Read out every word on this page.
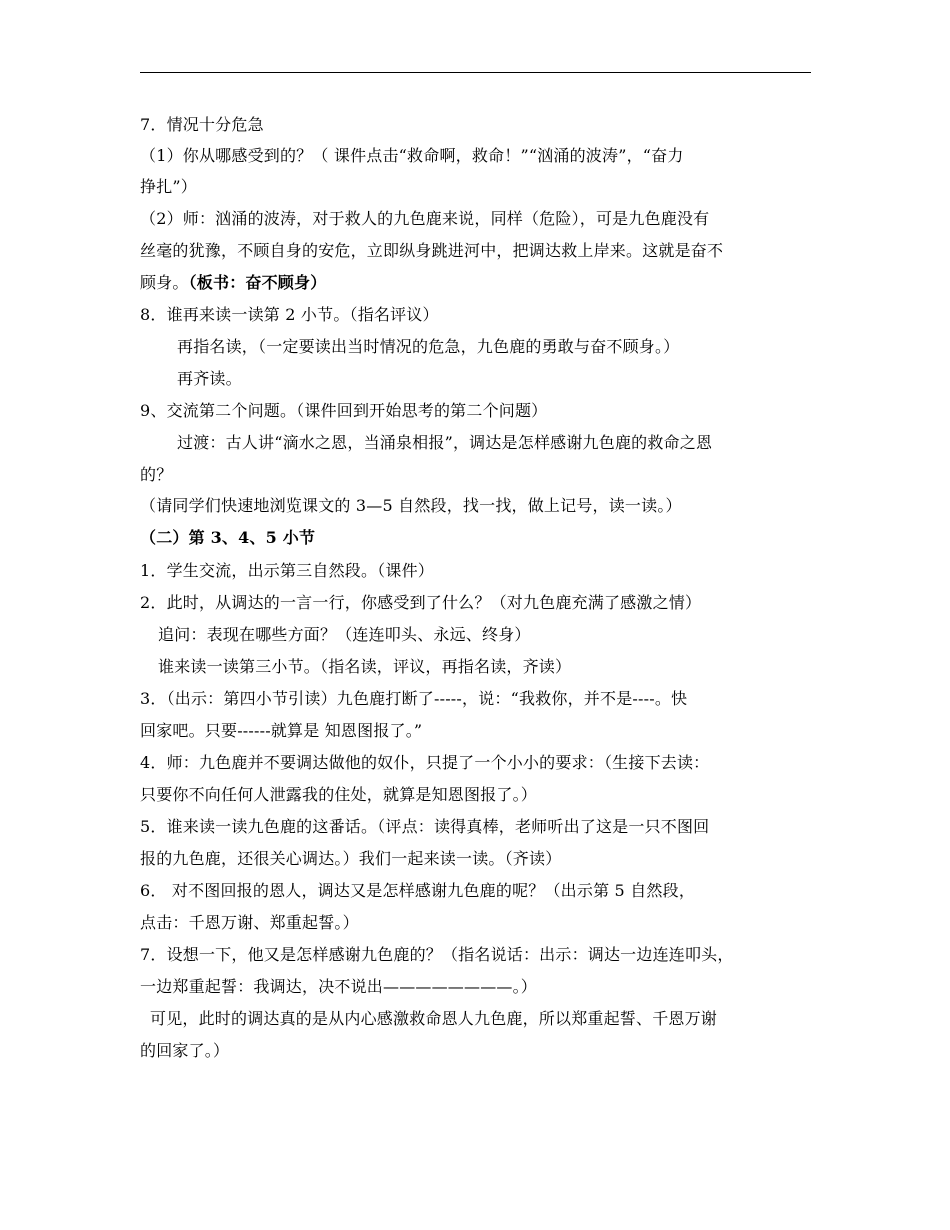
7．情况十分危急
（1）你从哪感受到的？（ 课件点击“救命啊，救命！”“汹涌的波涛”，“奋力
挣扎”）
（2）师：汹涌的波涛，对于救人的九色鹿来说，同样（危险），可是九色鹿没有
丝毫的犹豫，不顾自身的安危，立即纵身跳进河中，把调达救上岸来。这就是奋不
顾身。（板书：奋不顾身）
8．谁再来读一读第 2 小节。（指名评议）
再指名读，（一定要读出当时情况的危急，九色鹿的勇敢与奋不顾身。）
再齐读。
9、交流第二个问题。（课件回到开始思考的第二个问题）
过渡：古人讲“滴水之恩，当涌泉相报”，调达是怎样感谢九色鹿的救命之恩
的？
（请同学们快速地浏览课文的 3—5 自然段，找一找，做上记号，读一读。）
（二）第 3、4、5 小节
1．学生交流，出示第三自然段。（课件）
2．此时，从调达的一言一行，你感受到了什么？（对九色鹿充满了感激之情）
追问：表现在哪些方面？（连连叩头、永远、终身）
谁来读一读第三小节。（指名读，评议，再指名读，齐读）
3．（出示：第四小节引读）九色鹿打断了-----，说：“我救你，并不是----。快
回家吧。只要------就算是 知恩图报了。”
4．师：九色鹿并不要调达做他的奴仆，只提了一个小小的要求：（生接下去读：
只要你不向任何人泄露我的住处，就算是知恩图报了。）
5．谁来读一读九色鹿的这番话。（评点：读得真棒，老师听出了这是一只不图回
报的九色鹿，还很关心调达。）我们一起来读一读。（齐读）
6． 对不图回报的恩人，调达又是怎样感谢九色鹿的呢？（出示第 5 自然段，
点击：千恩万谢、郑重起誓。）
7．设想一下，他又是怎样感谢九色鹿的？（指名说话：出示：调达一边连连叩头，
一边郑重起誓：我调达，决不说出————————。）
可见，此时的调达真的是从内心感激救命恩人九色鹿，所以郑重起誓、千恩万谢
的回家了。）
